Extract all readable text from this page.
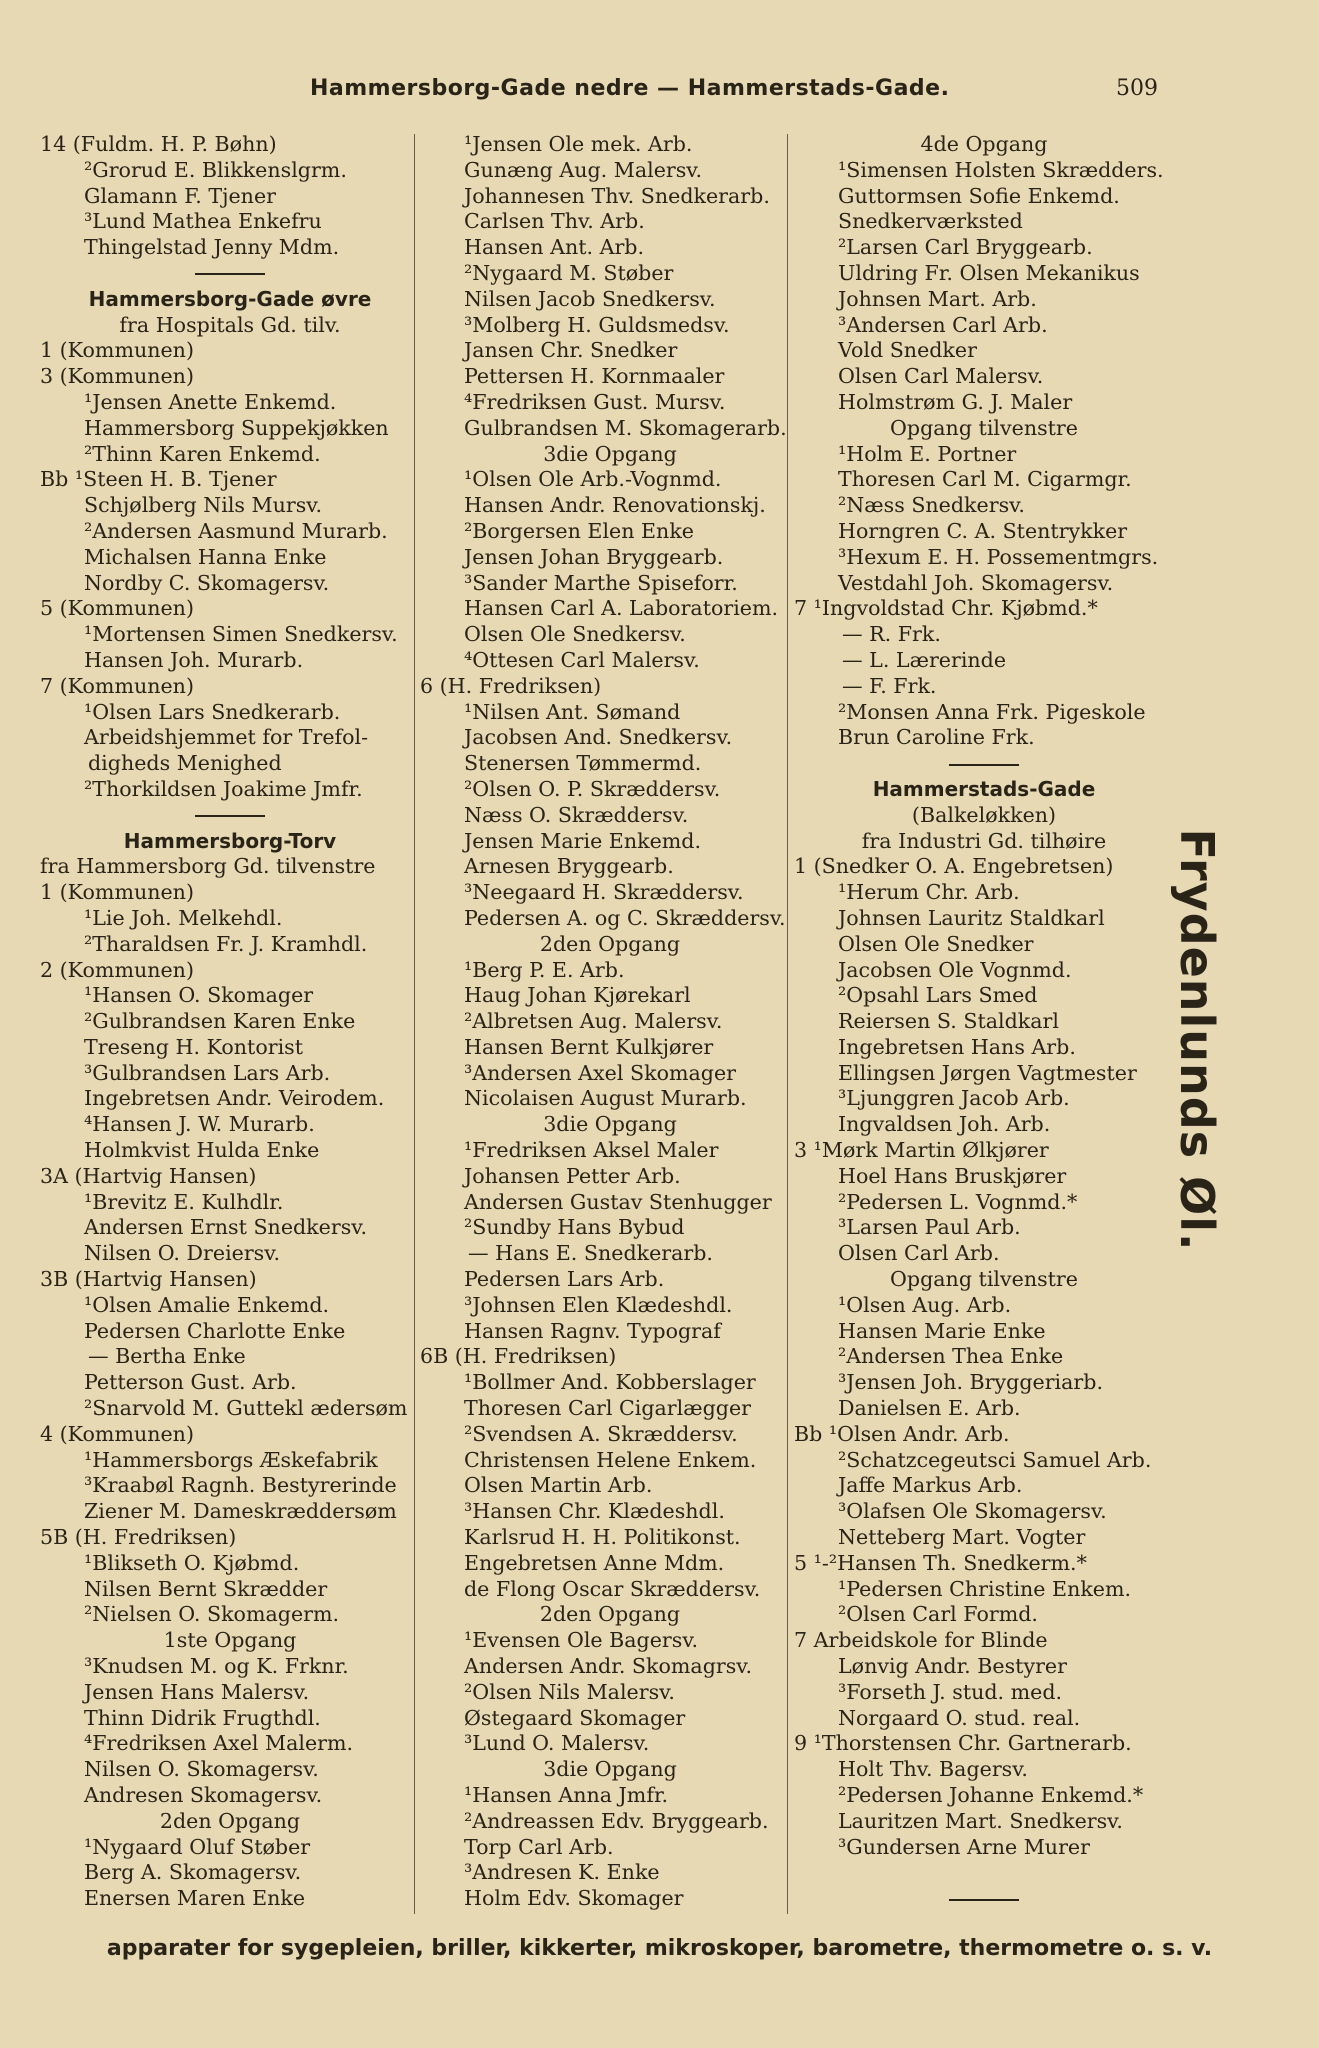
Hammersborg-Gade nedre — Hammerstads-Gade.	509
14 (Fuldm. H. P. Bøhn)
²Grorud E. Blikkenslgrm.
Glamann F. Tjener
³Lund Mathea Enkefru
Thingelstad Jenny Mdm.
Hammersborg-Gade øvre
fra Hospitals Gd. tilv.
1 (Kommunen)
3 (Kommunen)
¹Jensen Anette Enkemd.
Hammersborg Suppekjøkken
²Thinn Karen Enkemd.
Bb ¹Steen H. B. Tjener
Schjølberg Nils Mursv.
²Andersen Aasmund Murarb.
Michalsen Hanna Enke
Nordby C. Skomagersv.
5 (Kommunen)
¹Mortensen Simen Snedkersv.
Hansen Joh. Murarb.
7 (Kommunen)
¹Olsen Lars Snedkerarb.
Arbeidshjemmet for Trefol-
digheds Menighed
²Thorkildsen Joakime Jmfr.
Hammersborg-Torv
fra Hammersborg Gd. tilvenstre
1 (Kommunen)
¹Lie Joh. Melkehdl.
²Tharaldsen Fr. J. Kramhdl.
2 (Kommunen)
¹Hansen O. Skomager
²Gulbrandsen Karen Enke
Treseng H. Kontorist
³Gulbrandsen Lars Arb.
Ingebretsen Andr. Veirodem.
⁴Hansen J. W. Murarb.
Holmkvist Hulda Enke
3A (Hartvig Hansen)
¹Brevitz E. Kulhdlr.
Andersen Ernst Snedkersv.
Nilsen O. Dreiersv.
3B (Hartvig Hansen)
¹Olsen Amalie Enkemd.
Pedersen Charlotte Enke
— Bertha Enke
Petterson Gust. Arb.
²Snarvold M. Guttekl ædersøm
4 (Kommunen)
¹Hammersborgs Æskefabrik
³Kraabøl Ragnh. Bestyrerinde
Ziener M. Dameskræddersøm
5B (H. Fredriksen)
¹Blikseth O. Kjøbmd.
Nilsen Bernt Skrædder
²Nielsen O. Skomagerm.
1ste Opgang
³Knudsen M. og K. Frknr.
Jensen Hans Malersv.
Thinn Didrik Frugthdl.
⁴Fredriksen Axel Malerm.
Nilsen O. Skomagersv.
Andresen Skomagersv.
2den Opgang
¹Nygaard Oluf Støber
Berg A. Skomagersv.
Enersen Maren Enke
¹Jensen Ole mek. Arb.
Gunæng Aug. Malersv.
Johannesen Thv. Snedkerarb.
Carlsen Thv. Arb.
Hansen Ant. Arb.
²Nygaard M. Støber
Nilsen Jacob Snedkersv.
³Molberg H. Guldsmedsv.
Jansen Chr. Snedker
Pettersen H. Kornmaaler
⁴Fredriksen Gust. Mursv.
Gulbrandsen M. Skomagerarb.
3die Opgang
¹Olsen Ole Arb.-Vognmd.
Hansen Andr. Renovationskj.
²Borgersen Elen Enke
Jensen Johan Bryggearb.
³Sander Marthe Spiseforr.
Hansen Carl A. Laboratoriem.
Olsen Ole Snedkersv.
⁴Ottesen Carl Malersv.
6 (H. Fredriksen)
¹Nilsen Ant. Sømand
Jacobsen And. Snedkersv.
Stenersen Tømmermd.
²Olsen O. P. Skræddersv.
Næss O. Skræddersv.
Jensen Marie Enkemd.
Arnesen Bryggearb.
³Neegaard H. Skræddersv.
Pedersen A. og C. Skræddersv.
2den Opgang
¹Berg P. E. Arb.
Haug Johan Kjørekarl
²Albretsen Aug. Malersv.
Hansen Bernt Kulkjører
³Andersen Axel Skomager
Nicolaisen August Murarb.
3die Opgang
¹Fredriksen Aksel Maler
Johansen Petter Arb.
Andersen Gustav Stenhugger
²Sundby Hans Bybud
— Hans E. Snedkerarb.
Pedersen Lars Arb.
³Johnsen Elen Klædeshdl.
Hansen Ragnv. Typograf
6B (H. Fredriksen)
¹Bollmer And. Kobberslager
Thoresen Carl Cigarlægger
²Svendsen A. Skræddersv.
Christensen Helene Enkem.
Olsen Martin Arb.
³Hansen Chr. Klædeshdl.
Karlsrud H. H. Politikonst.
Engebretsen Anne Mdm.
de Flong Oscar Skræddersv.
2den Opgang
¹Evensen Ole Bagersv.
Andersen Andr. Skomagrsv.
²Olsen Nils Malersv.
Østegaard Skomager
³Lund O. Malersv.
3die Opgang
¹Hansen Anna Jmfr.
²Andreassen Edv. Bryggearb.
Torp Carl Arb.
³Andresen K. Enke
Holm Edv. Skomager
4de Opgang
¹Simensen Holsten Skrædders.
Guttormsen Sofie Enkemd.
Snedkerværksted
²Larsen Carl Bryggearb.
Uldring Fr. Olsen Mekanikus
Johnsen Mart. Arb.
³Andersen Carl Arb.
Vold Snedker
Olsen Carl Malersv.
Holmstrøm G. J. Maler
Opgang tilvenstre
¹Holm E. Portner
Thoresen Carl M. Cigarmgr.
²Næss Snedkersv.
Horngren C. A. Stentrykker
³Hexum E. H. Possementmgrs.
Vestdahl Joh. Skomagersv.
7 ¹Ingvoldstad Chr. Kjøbmd.*
— R. Frk.
— L. Lærerinde
— F. Frk.
²Monsen Anna Frk. Pigeskole
Brun Caroline Frk.
Hammerstads-Gade
(Balkeløkken)
fra Industri Gd. tilhøire
1 (Snedker O. A. Engebretsen)
¹Herum Chr. Arb.
Johnsen Lauritz Staldkarl
Olsen Ole Snedker
Jacobsen Ole Vognmd.
²Opsahl Lars Smed
Reiersen S. Staldkarl
Ingebretsen Hans Arb.
Ellingsen Jørgen Vagtmester
³Ljunggren Jacob Arb.
Ingvaldsen Joh. Arb.
3 ¹Mørk Martin Ølkjører
Hoel Hans Bruskjører
²Pedersen L. Vognmd.*
³Larsen Paul Arb.
Olsen Carl Arb.
Opgang tilvenstre
¹Olsen Aug. Arb.
Hansen Marie Enke
²Andersen Thea Enke
³Jensen Joh. Bryggeriarb.
Danielsen E. Arb.
Bb ¹Olsen Andr. Arb.
²Schatzcegeutsci Samuel Arb.
Jaffe Markus Arb.
³Olafsen Ole Skomagersv.
Netteberg Mart. Vogter
5 ¹-²Hansen Th. Snedkerm.*
¹Pedersen Christine Enkem.
²Olsen Carl Formd.
7 Arbeidskole for Blinde
Lønvig Andr. Bestyrer
³Forseth J. stud. med.
Norgaard O. stud. real.
9 ¹Thorstensen Chr. Gartnerarb.
Holt Thv. Bagersv.
²Pedersen Johanne Enkemd.*
Lauritzen Mart. Snedkersv.
³Gundersen Arne Murer
Frydenlunds Øl.
apparater for sygepleien, briller, kikkerter, mikroskoper, barometre, thermometre o. s. v.
